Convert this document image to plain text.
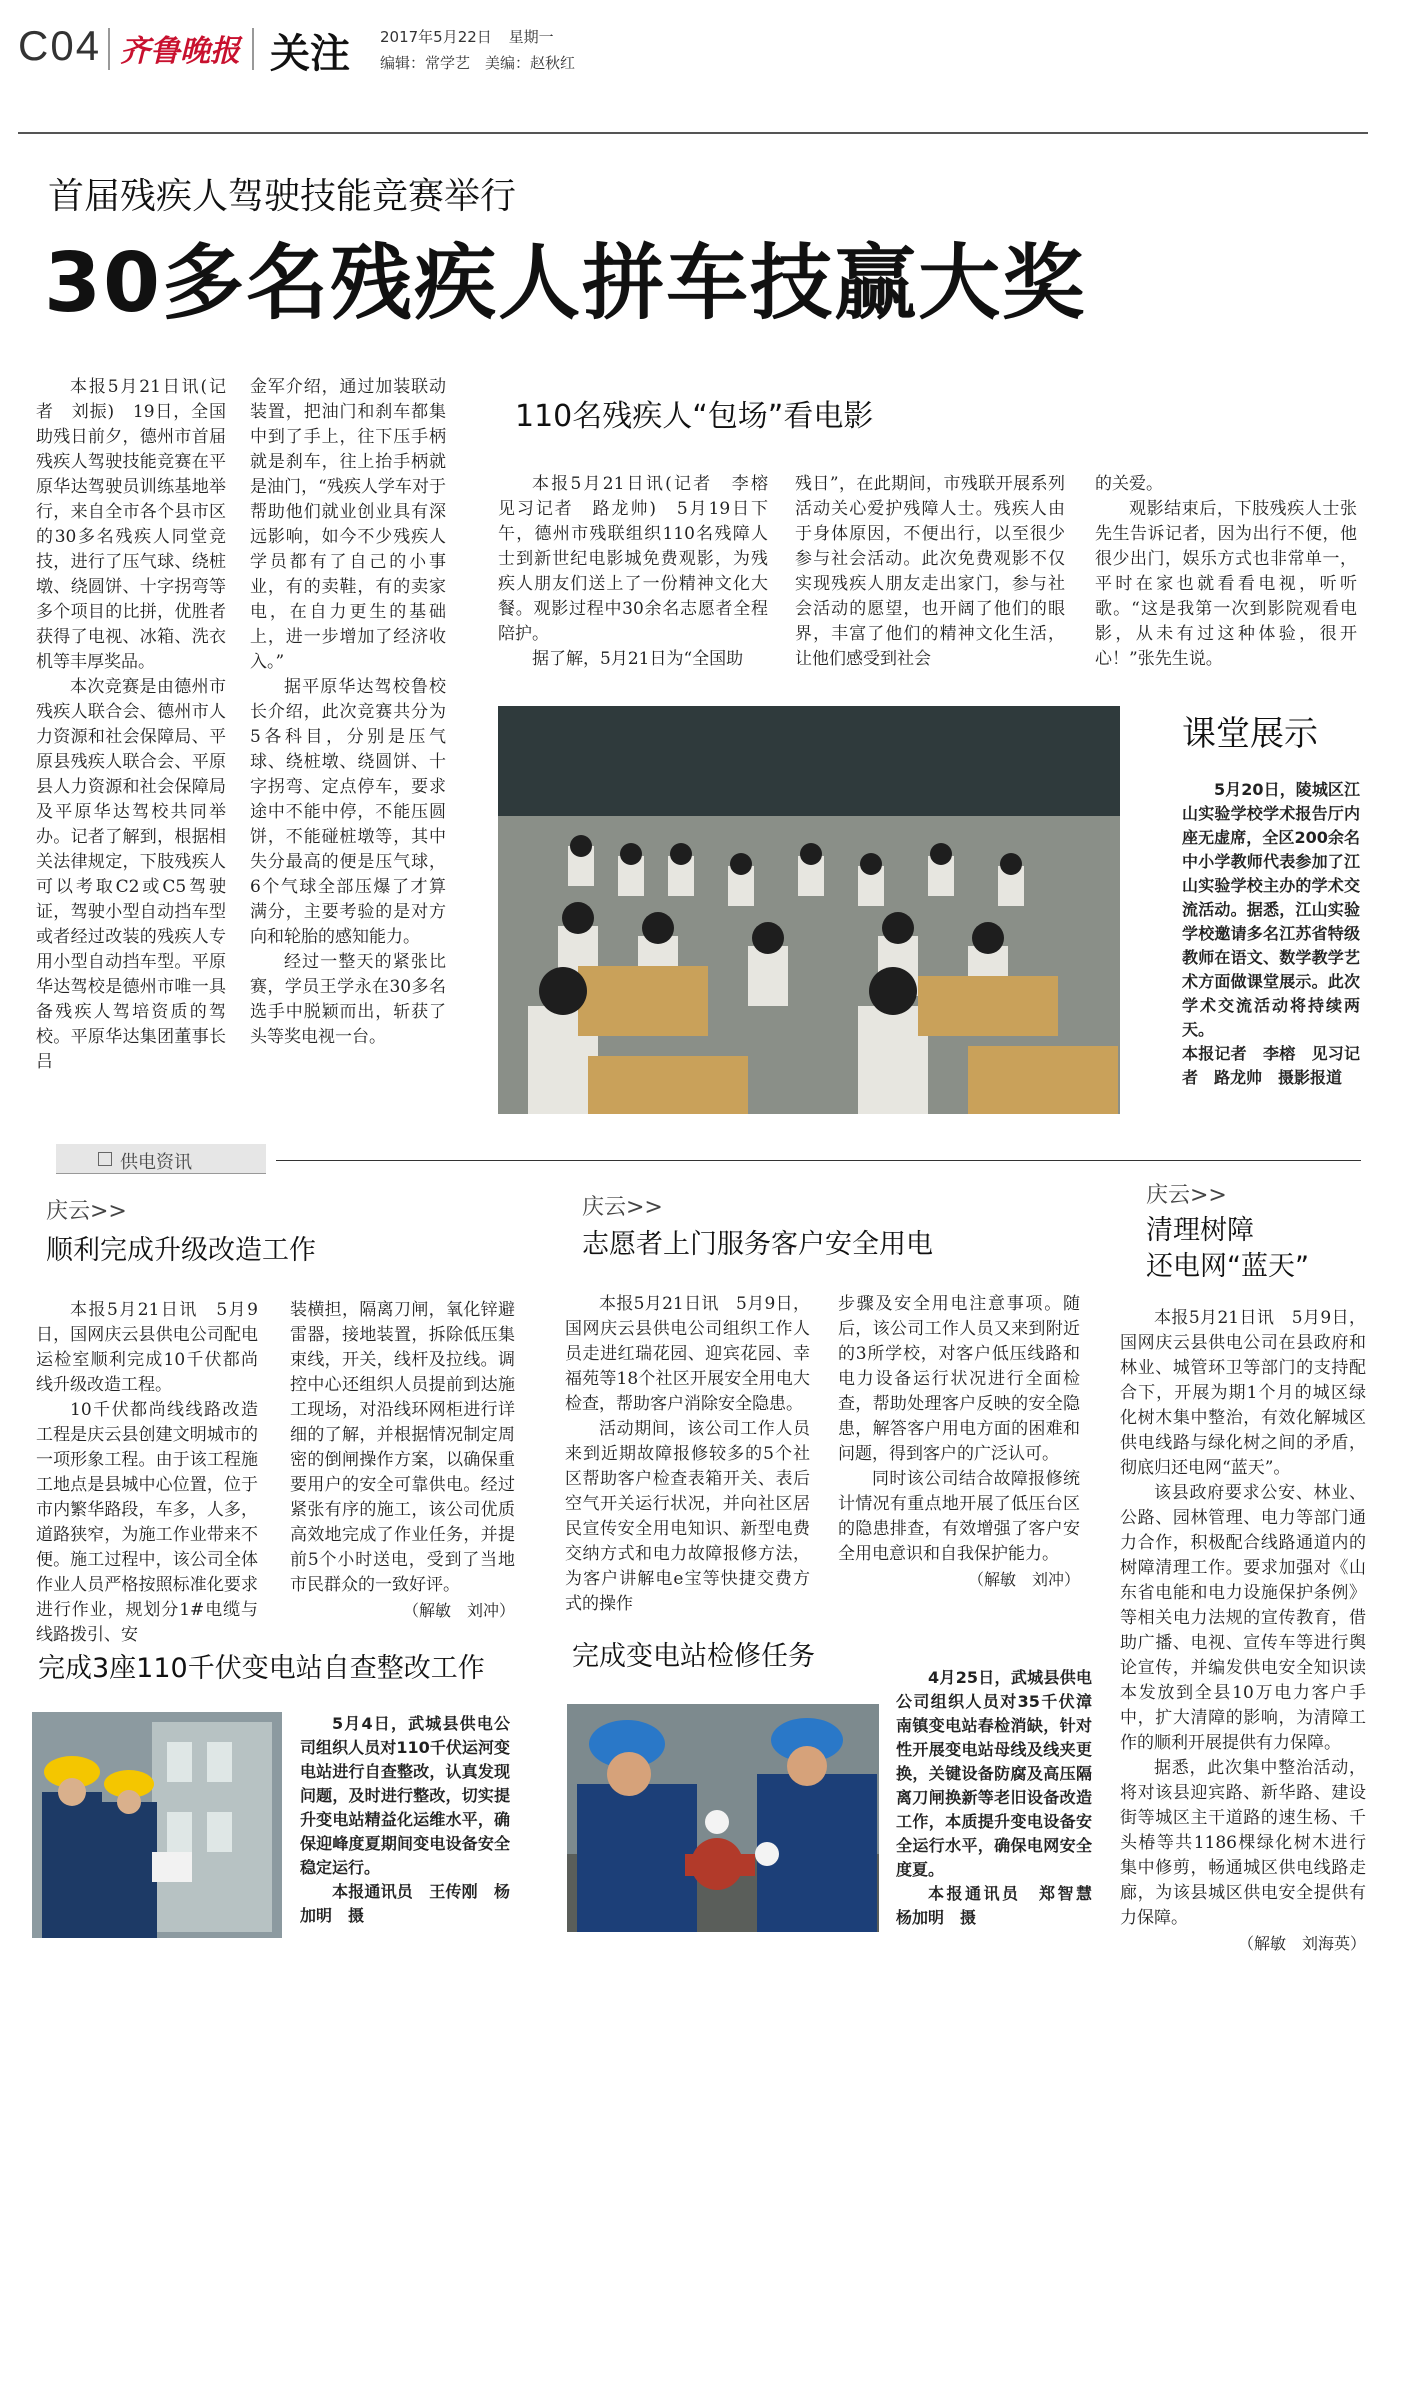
C04 齐鲁晚报 关注 2017年5月22日 星期一
编辑：常学艺　美编：赵秋红
首届残疾人驾驶技能竞赛举行
30多名残疾人拼车技赢大奖

本报5月21日讯(记者　刘振)　19日，全国助残日前夕，德州市首届残疾人驾驶技能竞赛在平原华达驾驶员训练基地举行，来自全市各个县市区的30多名残疾人同堂竞技，进行了压气球、绕桩墩、绕圆饼、十字拐弯等多个项目的比拼，优胜者获得了电视、冰箱、洗衣机等丰厚奖品。

本次竞赛是由德州市残疾人联合会、德州市人力资源和社会保障局、平原县残疾人联合会、平原县人力资源和社会保障局及平原华达驾校共同举办。记者了解到，根据相关法律规定，下肢残疾人可以考取C2或C5驾驶证，驾驶小型自动挡车型或者经过改装的残疾人专用小型自动挡车型。平原华达驾校是德州市唯一具备残疾人驾培资质的驾校。平原华达集团董事长吕

金军介绍，通过加装联动装置，把油门和刹车都集中到了手上，往下压手柄就是刹车，往上抬手柄就是油门，“残疾人学车对于帮助他们就业创业具有深远影响，如今不少残疾人学员都有了自己的小事业，有的卖鞋，有的卖家电，在自力更生的基础上，进一步增加了经济收入。”

据平原华达驾校鲁校长介绍，此次竞赛共分为5各科目，分别是压气球、绕桩墩、绕圆饼、十字拐弯、定点停车，要求途中不能中停，不能压圆饼，不能碰桩墩等，其中失分最高的便是压气球，6个气球全部压爆了才算满分，主要考验的是对方向和轮胎的感知能力。

经过一整天的紧张比赛，学员王学永在30多名选手中脱颖而出，斩获了头等奖电视一台。

110名残疾人“包场”看电影

本报5月21日讯(记者　李榕　见习记者　路龙帅)　5月19日下午，德州市残联组织110名残障人士到新世纪电影城免费观影，为残疾人朋友们送上了一份精神文化大餐。观影过程中30余名志愿者全程陪护。

据了解，5月21日为“全国助

残日”，在此期间，市残联开展系列活动关心爱护残障人士。残疾人由于身体原因，不便出行，以至很少参与社会活动。此次免费观影不仅实现残疾人朋友走出家门，参与社会活动的愿望，也开阔了他们的眼界，丰富了他们的精神文化生活，让他们感受到社会

的关爱。

观影结束后，下肢残疾人士张先生告诉记者，因为出行不便，他很少出门，娱乐方式也非常单一，平时在家也就看看电视，听听歌。“这是我第一次到影院观看电影，从未有过这种体验，很开心！”张先生说。

课堂展示

5月20日，陵城区江山实验学校学术报告厅内座无虚席，全区200余名中小学教师代表参加了江山实验学校主办的学术交流活动。据悉，江山实验学校邀请多名江苏省特级教师在语文、数学教学艺术方面做课堂展示。此次学术交流活动将持续两天。

本报记者　李榕　见习记者　路龙帅　摄影报道

供电资讯
庆云>>
顺利完成升级改造工作

本报5月21日讯　5月9日，国网庆云县供电公司配电运检室顺利完成10千伏都尚线升级改造工程。

10千伏都尚线线路改造工程是庆云县创建文明城市的一项形象工程。由于该工程施工地点是县城中心位置，位于市内繁华路段，车多，人多，道路狭窄，为施工作业带来不便。施工过程中，该公司全体作业人员严格按照标准化要求进行作业，规划分1#电缆与线路拨引、安

装横担，隔离刀闸，氧化锌避雷器，接地装置，拆除低压集束线，开关，线杆及拉线。调控中心还组织人员提前到达施工现场，对沿线环网柜进行详细的了解，并根据情况制定周密的倒闸操作方案，以确保重要用户的安全可靠供电。经过紧张有序的施工，该公司优质高效地完成了作业任务，并提前5个小时送电，受到了当地市民群众的一致好评。

（解敏　刘冲）

庆云>>
志愿者上门服务客户安全用电

本报5月21日讯　5月9日，国网庆云县供电公司组织工作人员走进红瑞花园、迎宾花园、幸福苑等18个社区开展安全用电大检查，帮助客户消除安全隐患。

活动期间，该公司工作人员来到近期故障报修较多的5个社区帮助客户检查表箱开关、表后空气开关运行状况，并向社区居民宣传安全用电知识、新型电费交纳方式和电力故障报修方法，为客户讲解电e宝等快捷交费方式的操作

步骤及安全用电注意事项。随后，该公司工作人员又来到附近的3所学校，对客户低压线路和电力设备运行状况进行全面检查，帮助处理客户反映的安全隐患，解答客户用电方面的困难和问题，得到客户的广泛认可。

同时该公司结合故障报修统计情况有重点地开展了低压台区的隐患排查，有效增强了客户安全用电意识和自我保护能力。

（解敏　刘冲）

庆云>>
清理树障
还电网“蓝天”

本报5月21日讯　5月9日，国网庆云县供电公司在县政府和林业、城管环卫等部门的支持配合下，开展为期1个月的城区绿化树木集中整治，有效化解城区供电线路与绿化树之间的矛盾，彻底归还电网“蓝天”。

该县政府要求公安、林业、公路、园林管理、电力等部门通力合作，积极配合线路通道内的树障清理工作。要求加强对《山东省电能和电力设施保护条例》等相关电力法规的宣传教育，借助广播、电视、宣传车等进行舆论宣传，并编发供电安全知识读本发放到全县10万电力客户手中，扩大清障的影响，为清障工作的顺利开展提供有力保障。

据悉，此次集中整治活动，将对该县迎宾路、新华路、建设街等城区主干道路的速生杨、千头椿等共1186棵绿化树木进行集中修剪，畅通城区供电线路走廊，为该县城区供电安全提供有力保障。

（解敏　刘海英）

完成3座110千伏变电站自查整改工作

5月4日，武城县供电公司组织人员对110千伏运河变电站进行自查整改，认真发现问题，及时进行整改，切实提升变电站精益化运维水平，确保迎峰度夏期间变电设备安全稳定运行。

本报通讯员　王传刚　杨加明　摄

完成变电站检修任务

4月25日，武城县供电公司组织人员对35千伏漳南镇变电站春检消缺，针对性开展变电站母线及线夹更换，关键设备防腐及高压隔离刀闸换新等老旧设备改造工作，本质提升变电设备安全运行水平，确保电网安全度夏。

本报通讯员　郑智慧　杨加明　摄
